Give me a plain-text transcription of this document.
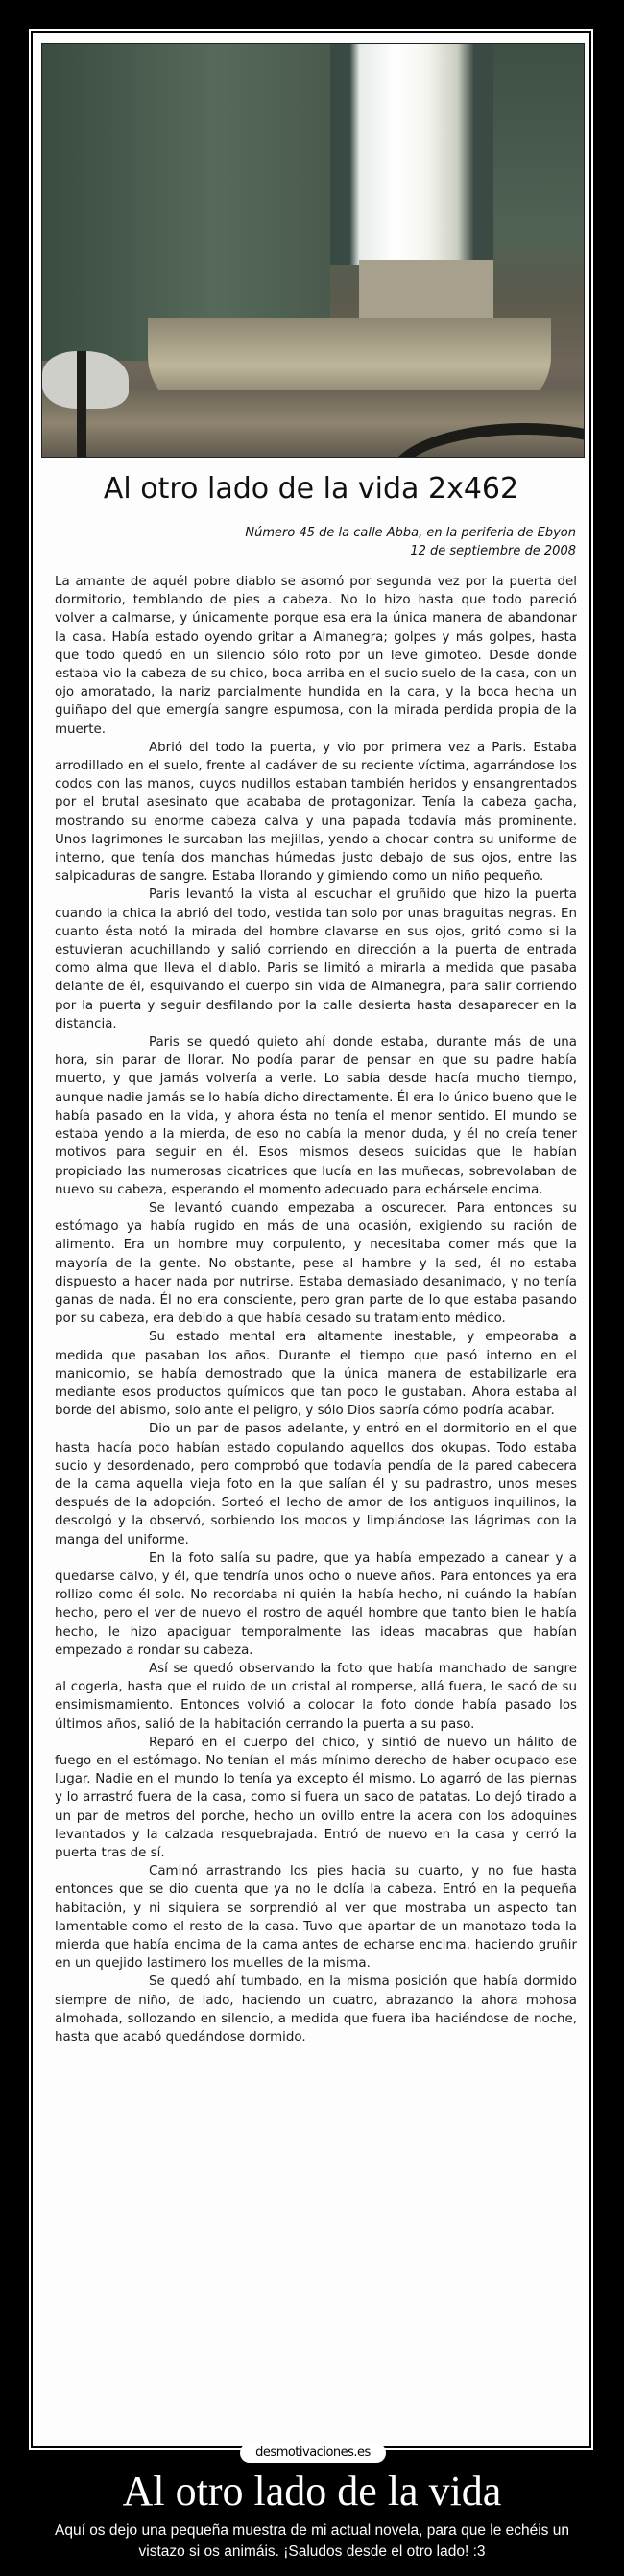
Al otro lado de la vida 2x462
Número 45 de la calle Abba, en la periferia de Ebyon
12 de septiembre de 2008

La amante de aquél pobre diablo se asomó por segunda vez por la puerta del dormitorio, temblando de pies a cabeza. No lo hizo hasta que todo pareció volver a calmarse, y únicamente porque esa era la única manera de abandonar la casa. Había estado oyendo gritar a Almanegra; golpes y más golpes, hasta que todo quedó en un silencio sólo roto por un leve gimoteo. Desde donde estaba vio la cabeza de su chico, boca arriba en el sucio suelo de la casa, con un ojo amoratado, la nariz parcialmente hundida en la cara, y la boca hecha un guiñapo del que emergía sangre espumosa, con la mirada perdida propia de la muerte.

Abrió del todo la puerta, y vio por primera vez a Paris. Estaba arrodillado en el suelo, frente al cadáver de su reciente víctima, agarrándose los codos con las manos, cuyos nudillos estaban también heridos y ensangrentados por el brutal asesinato que acababa de protagonizar. Tenía la cabeza gacha, mostrando su enorme cabeza calva y una papada todavía más prominente. Unos lagrimones le surcaban las mejillas, yendo a chocar contra su uniforme de interno, que tenía dos manchas húmedas justo debajo de sus ojos, entre las salpicaduras de sangre. Estaba llorando y gimiendo como un niño pequeño.

Paris levantó la vista al escuchar el gruñido que hizo la puerta cuando la chica la abrió del todo, vestida tan solo por unas braguitas negras. En cuanto ésta notó la mirada del hombre clavarse en sus ojos, gritó como si la estuvieran acuchillando y salió corriendo en dirección a la puerta de entrada como alma que lleva el diablo. Paris se limitó a mirarla a medida que pasaba delante de él, esquivando el cuerpo sin vida de Almanegra, para salir corriendo por la puerta y seguir desfilando por la calle desierta hasta desaparecer en la distancia.

Paris se quedó quieto ahí donde estaba, durante más de una hora, sin parar de llorar. No podía parar de pensar en que su padre había muerto, y que jamás volvería a verle. Lo sabía desde hacía mucho tiempo, aunque nadie jamás se lo había dicho directamente. Él era lo único bueno que le había pasado en la vida, y ahora ésta no tenía el menor sentido. El mundo se estaba yendo a la mierda, de eso no cabía la menor duda, y él no creía tener motivos para seguir en él. Esos mismos deseos suicidas que le habían propiciado las numerosas cicatrices que lucía en las muñecas, sobrevolaban de nuevo su cabeza, esperando el momento adecuado para echársele encima.

Se levantó cuando empezaba a oscurecer. Para entonces su estómago ya había rugido en más de una ocasión, exigiendo su ración de alimento. Era un hombre muy corpulento, y necesitaba comer más que la mayoría de la gente. No obstante, pese al hambre y la sed, él no estaba dispuesto a hacer nada por nutrirse. Estaba demasiado desanimado, y no tenía ganas de nada. Él no era consciente, pero gran parte de lo que estaba pasando por su cabeza, era debido a que había cesado su tratamiento médico.

Su estado mental era altamente inestable, y empeoraba a medida que pasaban los años. Durante el tiempo que pasó interno en el manicomio, se había demostrado que la única manera de estabilizarle era mediante esos productos químicos que tan poco le gustaban. Ahora estaba al borde del abismo, solo ante el peligro, y sólo Dios sabría cómo podría acabar.

Dio un par de pasos adelante, y entró en el dormitorio en el que hasta hacía poco habían estado copulando aquellos dos okupas. Todo estaba sucio y desordenado, pero comprobó que todavía pendía de la pared cabecera de la cama aquella vieja foto en la que salían él y su padrastro, unos meses después de la adopción. Sorteó el lecho de amor de los antiguos inquilinos, la descolgó y la observó, sorbiendo los mocos y limpiándose las lágrimas con la manga del uniforme.

En la foto salía su padre, que ya había empezado a canear y a quedarse calvo, y él, que tendría unos ocho o nueve años. Para entonces ya era rollizo como él solo. No recordaba ni quién la había hecho, ni cuándo la habían hecho, pero el ver de nuevo el rostro de aquél hombre que tanto bien le había hecho, le hizo apaciguar temporalmente las ideas macabras que habían empezado a rondar su cabeza.

Así se quedó observando la foto que había manchado de sangre al cogerla, hasta que el ruido de un cristal al romperse, allá fuera, le sacó de su ensimismamiento. Entonces volvió a colocar la foto donde había pasado los últimos años, salió de la habitación cerrando la puerta a su paso.

Reparó en el cuerpo del chico, y sintió de nuevo un hálito de fuego en el estómago. No tenían el más mínimo derecho de haber ocupado ese lugar. Nadie en el mundo lo tenía ya excepto él mismo. Lo agarró de las piernas y lo arrastró fuera de la casa, como si fuera un saco de patatas. Lo dejó tirado a un par de metros del porche, hecho un ovillo entre la acera con los adoquines levantados y la calzada resquebrajada. Entró de nuevo en la casa y cerró la puerta tras de sí.

Caminó arrastrando los pies hacia su cuarto, y no fue hasta entonces que se dio cuenta que ya no le dolía la cabeza. Entró en la pequeña habitación, y ni siquiera se sorprendió al ver que mostraba un aspecto tan lamentable como el resto de la casa. Tuvo que apartar de un manotazo toda la mierda que había encima de la cama antes de echarse encima, haciendo gruñir en un quejido lastimero los muelles de la misma.

Se quedó ahí tumbado, en la misma posición que había dormido siempre de niño, de lado, haciendo un cuatro, abrazando la ahora mohosa almohada, sollozando en silencio, a medida que fuera iba haciéndose de noche, hasta que acabó quedándose dormido.

desmotivaciones.es
Al otro lado de la vida
Aquí os dejo una pequeña muestra de mi actual novela, para que le echéis un vistazo si os animáis. ¡Saludos desde el otro lado! :3
